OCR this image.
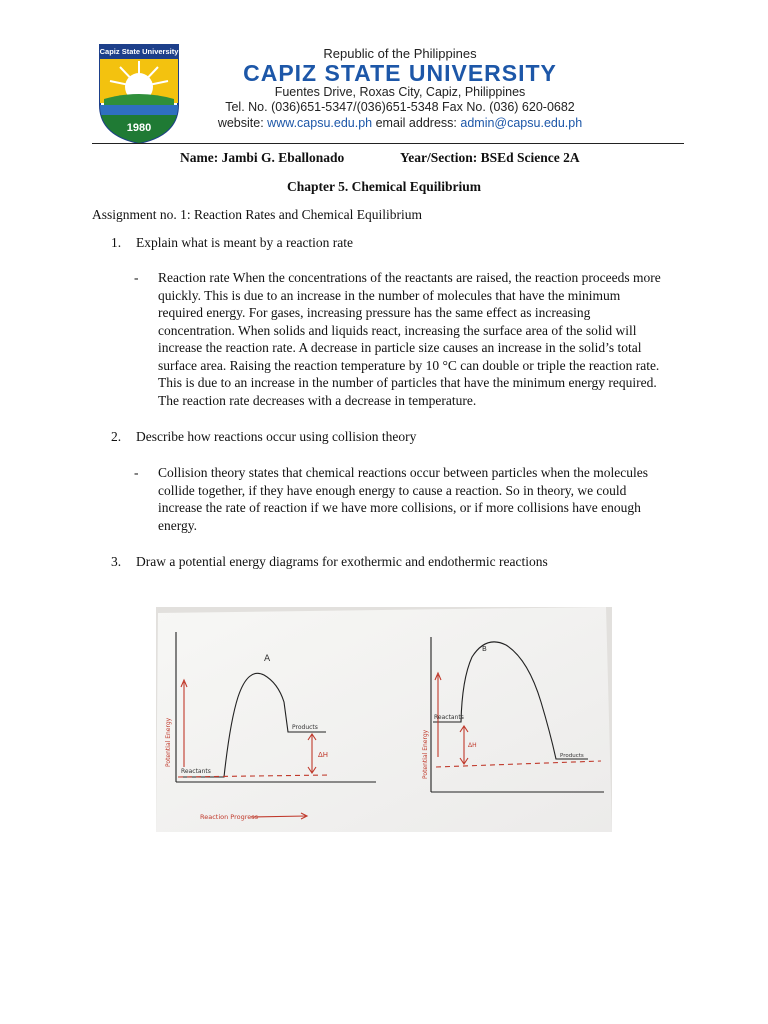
Capiz State University
1980
Republic of the Philippines
CAPIZ STATE UNIVERSITY
Fuentes Drive, Roxas City, Capiz, Philippines
Tel. No. (036)651-5347/(036)651-5348 Fax No. (036) 620-0682
website: www.capsu.edu.ph email address: admin@capsu.edu.ph
Name: Jambi G. Eballonado	Year/Section: BSEd Science 2A
Chapter 5. Chemical Equilibrium
Assignment no. 1: Reaction Rates and Chemical Equilibrium
1. Explain what is meant by a reaction rate
- Reaction rate When the concentrations of the reactants are raised, the reaction proceeds more
quickly. This is due to an increase in the number of molecules that have the minimum
required energy. For gases, increasing pressure has the same effect as increasing
concentration. When solids and liquids react, increasing the surface area of the solid will
increase the reaction rate. A decrease in particle size causes an increase in the solid’s total
surface area. Raising the reaction temperature by 10 °C can double or triple the reaction rate.
This is due to an increase in the number of particles that have the minimum energy required.
The reaction rate decreases with a decrease in temperature.
2. Describe how reactions occur using collision theory
- Collision theory states that chemical reactions occur between particles when the molecules
collide together, if they have enough energy to cause a reaction. So in theory, we could
increase the rate of reaction if we have more collisions, or if more collisions have enough
energy.
3. Draw a potential energy diagrams for exothermic and endothermic reactions
A
Products
Reactants
ΔH
Potential Energy
Reaction Progress
B
Reactants
Products
ΔH
Potential Energy
